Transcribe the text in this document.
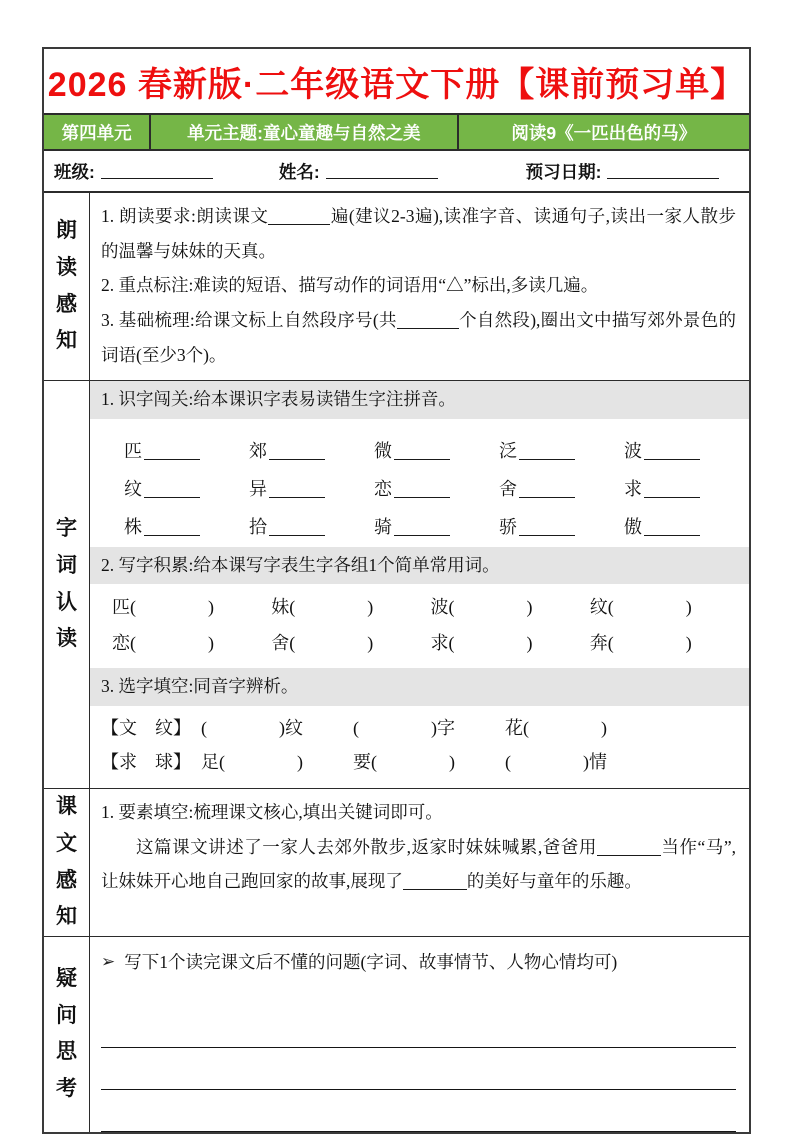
2026 春新版·二年级语文下册【课前预习单】
第四单元	单元主题:童心童趣与自然之美	阅读9《一匹出色的马》
班级:	姓名:	预习日期:
朗读感知

1. 朗读要求:朗读课文	遍(建议2-3遍),读准字音、读通句子,读出一家人散步的温馨与妹妹的天真。

2. 重点标注:难读的短语、描写动作的词语用“△”标出,多读几遍。

3. 基础梳理:给课文标上自然段序号(共	个自然段),圈出文中描写郊外景色的词语(至少3个)。

字词认读
1. 识字闯关:给本课识字表易读错生字注拼音。
匹	郊	微	泛	波
纹	异	恋	舍	求
株	拾	骑	骄	傲
2. 写字积累:给本课写字表生字各组1个简单常用词。
匹(　　　　)	妹(　　　　)	波(　　　　)	纹(　　　　)
恋(　　　　)	舍(　　　　)	求(　　　　)	奔(　　　　)
3. 选字填空:同音字辨析。
【文　纹】 (　　　　)纹	(　　　　)字	花(　　　　)
【求　球】 足(　　　　)	要(　　　　)	(　　　　)情
课文感知

1. 要素填空:梳理课文核心,填出关键词即可。

这篇课文讲述了一家人去郊外散步,返家时妹妹喊累,爸爸用	当作“马”,让妹妹开心地自己跑回家的故事,展现了	的美好与童年的乐趣。

疑问思考
➢ 写下1个读完课文后不懂的问题(字词、故事情节、人物心情均可)
